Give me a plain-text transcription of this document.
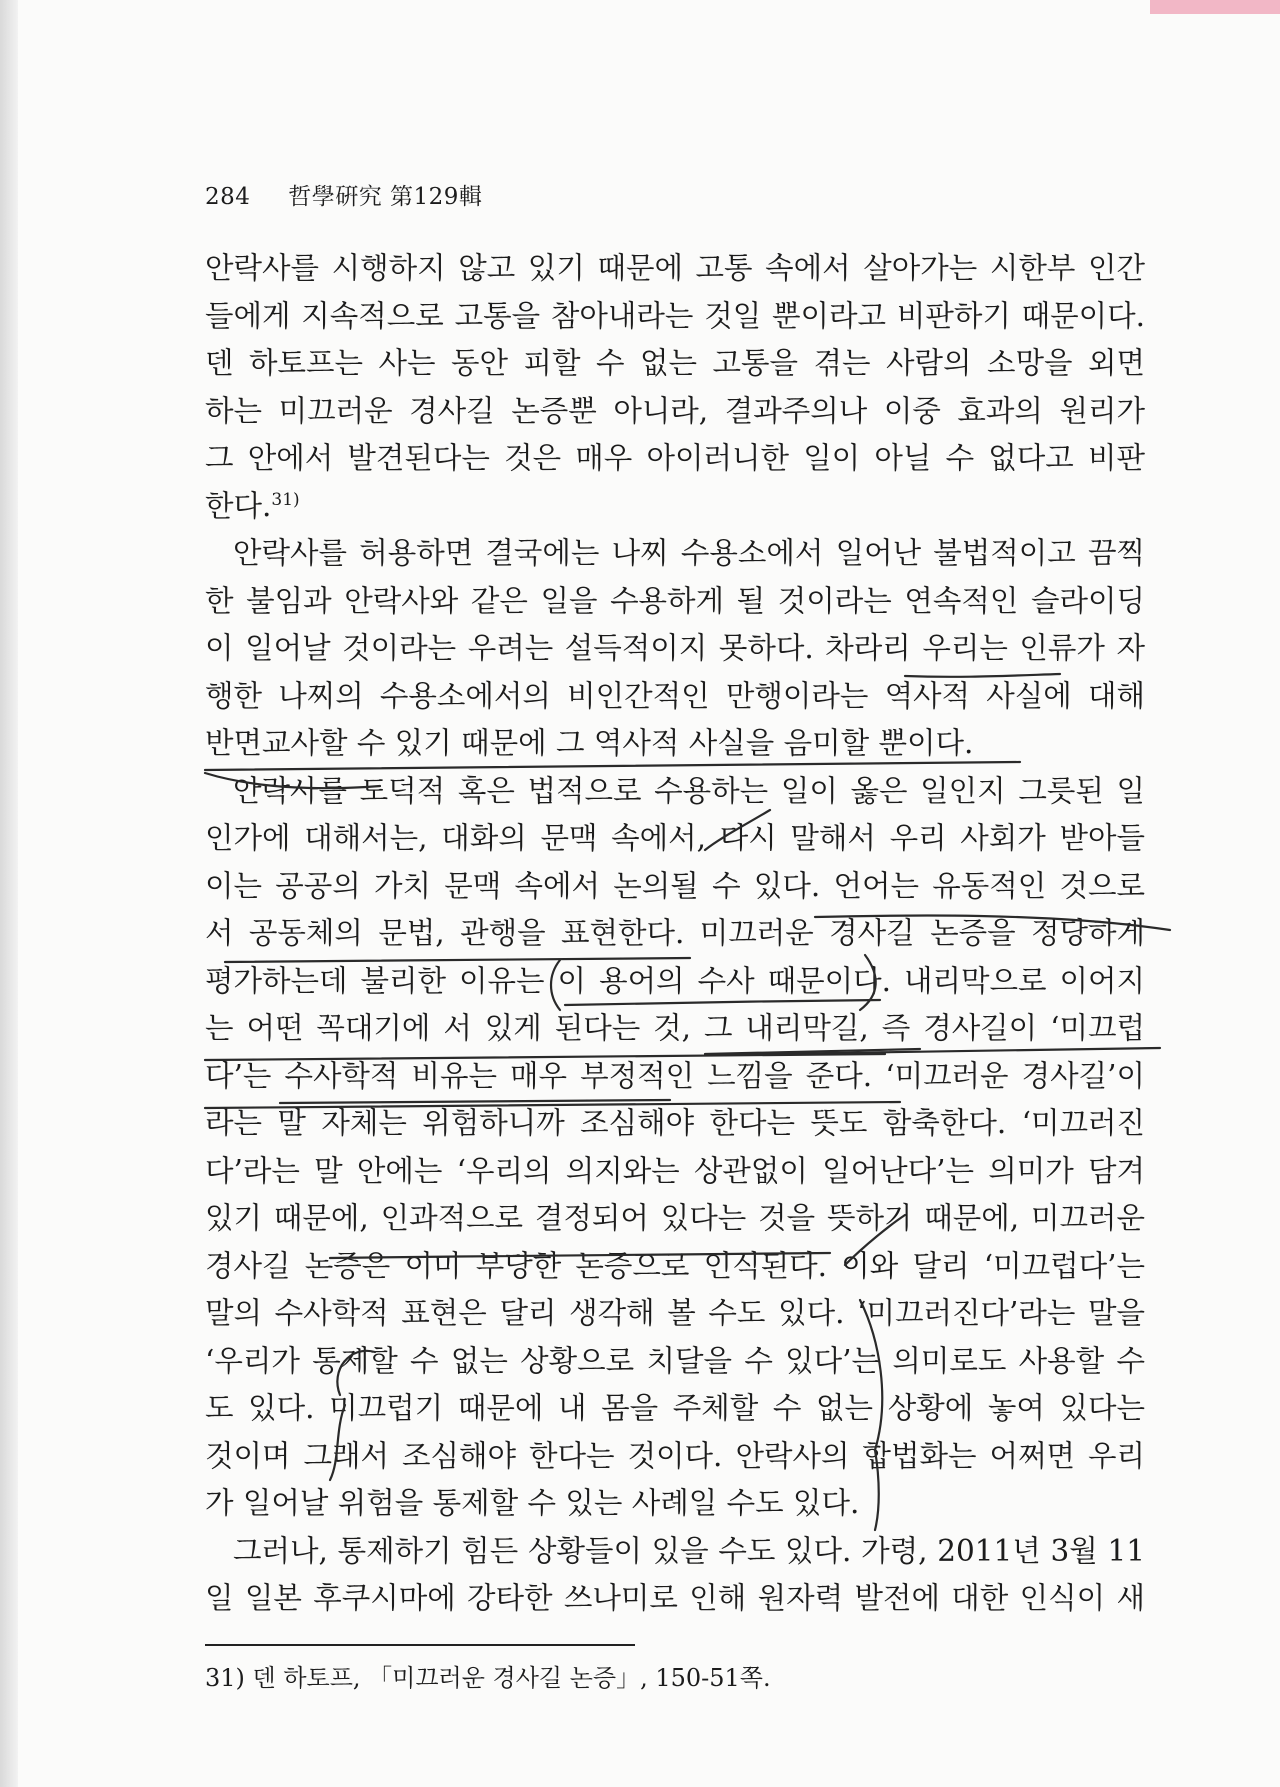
284 哲學硏究 第129輯
안락사를 시행하지 않고 있기 때문에 고통 속에서 살아가는 시한부 인간
들에게 지속적으로 고통을 참아내라는 것일 뿐이라고 비판하기 때문이다.
덴 하토프는 사는 동안 피할 수 없는 고통을 겪는 사람의 소망을 외면
하는 미끄러운 경사길 논증뿐 아니라, 결과주의나 이중 효과의 원리가
그 안에서 발견된다는 것은 매우 아이러니한 일이 아닐 수 없다고 비판
한다.$^{31)}$
안락사를 허용하면 결국에는 나찌 수용소에서 일어난 불법적이고 끔찍
한 불임과 안락사와 같은 일을 수용하게 될 것이라는 연속적인 슬라이딩
이 일어날 것이라는 우려는 설득적이지 못하다. 차라리 우리는 인류가 자
행한 나찌의 수용소에서의 비인간적인 만행이라는 역사적 사실에 대해
반면교사할 수 있기 때문에 그 역사적 사실을 음미할 뿐이다.
안락사를 도덕적 혹은 법적으로 수용하는 일이 옳은 일인지 그릇된 일
인가에 대해서는, 대화의 문맥 속에서, 다시 말해서 우리 사회가 받아들
이는 공공의 가치 문맥 속에서 논의될 수 있다. 언어는 유동적인 것으로
서 공동체의 문법, 관행을 표현한다. 미끄러운 경사길 논증을 정당하게
평가하는데 불리한 이유는 이 용어의 수사 때문이다. 내리막으로 이어지
는 어떤 꼭대기에 서 있게 된다는 것, 그 내리막길, 즉 경사길이 ‘미끄럽
다’는 수사학적 비유는 매우 부정적인 느낌을 준다. ‘미끄러운 경사길’이
라는 말 자체는 위험하니까 조심해야 한다는 뜻도 함축한다. ‘미끄러진
다’라는 말 안에는 ‘우리의 의지와는 상관없이 일어난다’는 의미가 담겨
있기 때문에, 인과적으로 결정되어 있다는 것을 뜻하기 때문에, 미끄러운
경사길 논증은 이미 부당한 논증으로 인식된다. 이와 달리 ‘미끄럽다’는
말의 수사학적 표현은 달리 생각해 볼 수도 있다. ‘미끄러진다’라는 말을
‘우리가 통제할 수 없는 상황으로 치달을 수 있다’는 의미로도 사용할 수
도 있다. 미끄럽기 때문에 내 몸을 주체할 수 없는 상황에 놓여 있다는
것이며 그래서 조심해야 한다는 것이다. 안락사의 합법화는 어쩌면 우리
가 일어날 위험을 통제할 수 있는 사례일 수도 있다.
그러나, 통제하기 힘든 상황들이 있을 수도 있다. 가령, 2011년 3월 11
일 일본 후쿠시마에 강타한 쓰나미로 인해 원자력 발전에 대한 인식이 새
31) 덴 하토프, 「미끄러운 경사길 논증」, 150-51쪽.
